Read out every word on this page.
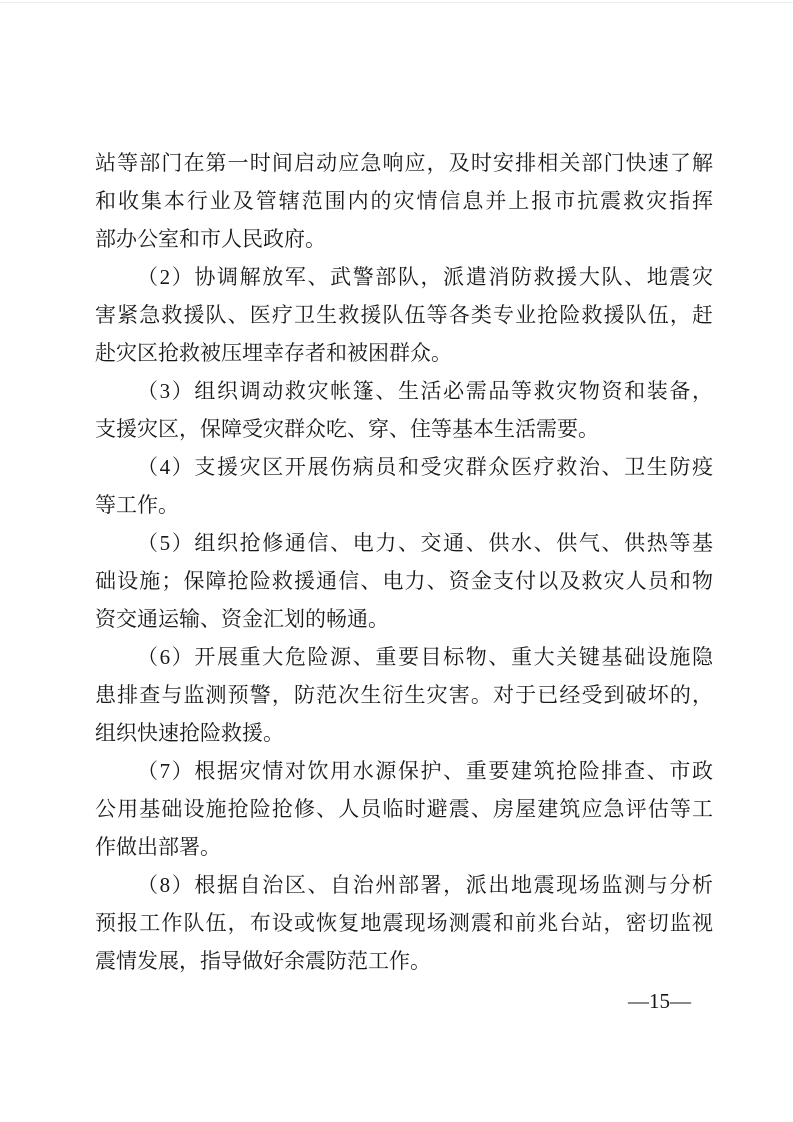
站等部门在第一时间启动应急响应，及时安排相关部门快速了解
和收集本行业及管辖范围内的灾情信息并上报市抗震救灾指挥
部办公室和市人民政府。
（2）协调解放军、武警部队，派遣消防救援大队、地震灾
害紧急救援队、医疗卫生救援队伍等各类专业抢险救援队伍，赶
赴灾区抢救被压埋幸存者和被困群众。
（3）组织调动救灾帐篷、生活必需品等救灾物资和装备，
支援灾区，保障受灾群众吃、穿、住等基本生活需要。
（4）支援灾区开展伤病员和受灾群众医疗救治、卫生防疫
等工作。
（5）组织抢修通信、电力、交通、供水、供气、供热等基
础设施；保障抢险救援通信、电力、资金支付以及救灾人员和物
资交通运输、资金汇划的畅通。
（6）开展重大危险源、重要目标物、重大关键基础设施隐
患排查与监测预警，防范次生衍生灾害。对于已经受到破坏的，
组织快速抢险救援。
（7）根据灾情对饮用水源保护、重要建筑抢险排查、市政
公用基础设施抢险抢修、人员临时避震、房屋建筑应急评估等工
作做出部署。
（8）根据自治区、自治州部署，派出地震现场监测与分析
预报工作队伍，布设或恢复地震现场测震和前兆台站，密切监视
震情发展，指导做好余震防范工作。
—15—
